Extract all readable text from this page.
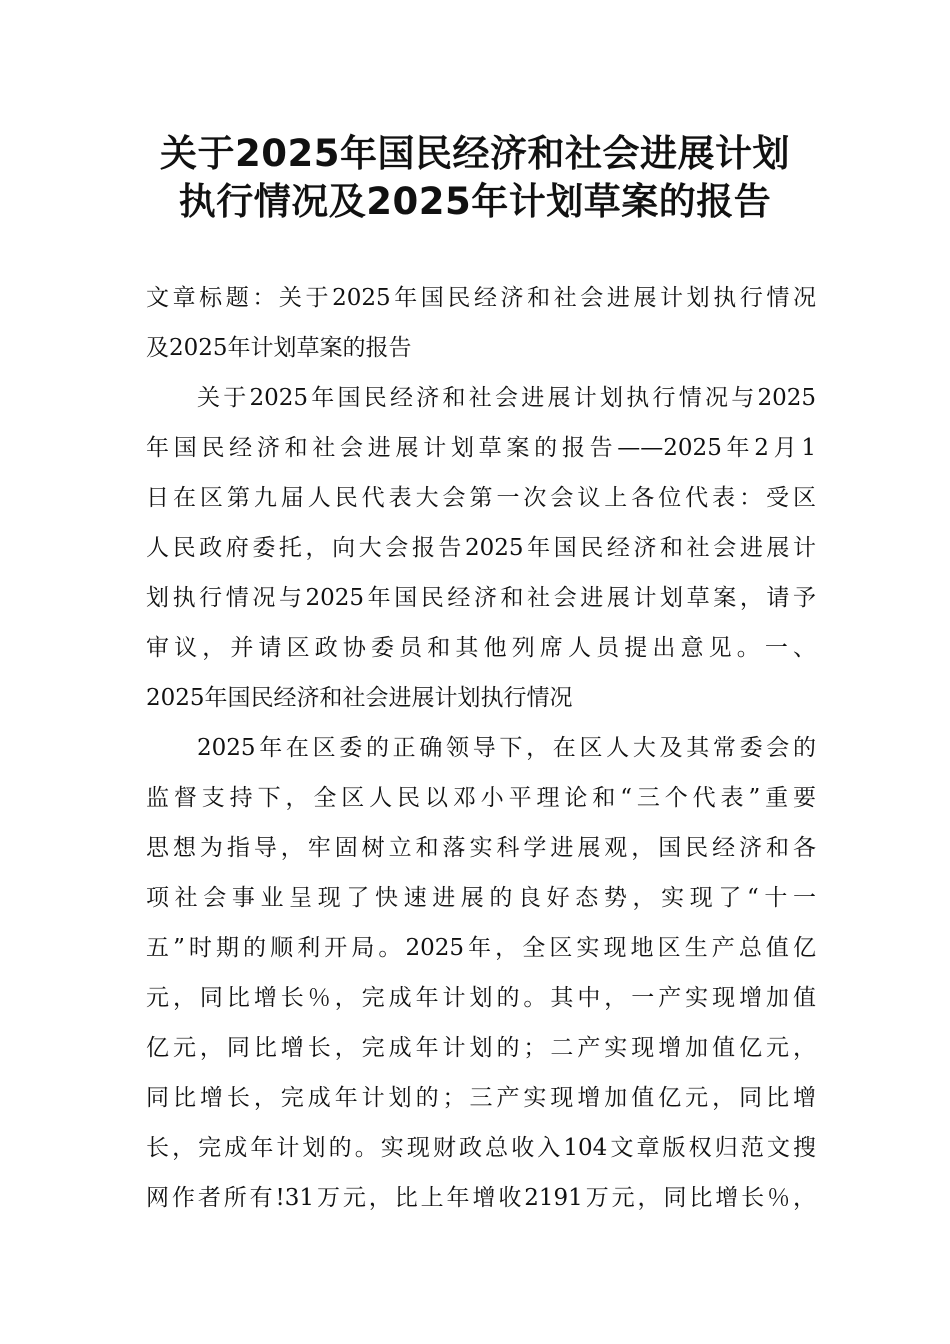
关于2025年国民经济和社会进展计划
执行情况及2025年计划草案的报告
文章标题：关于2025年国民经济和社会进展计划执行情况
及2025年计划草案的报告
关于2025年国民经济和社会进展计划执行情况与2025
年国民经济和社会进展计划草案的报告——2025年2月1
日在区第九届人民代表大会第一次会议上各位代表：受区
人民政府委托，向大会报告2025年国民经济和社会进展计
划执行情况与2025年国民经济和社会进展计划草案，请予
审议，并请区政协委员和其他列席人员提出意见。一、
2025年国民经济和社会进展计划执行情况
2025年在区委的正确领导下，在区人大及其常委会的
监督支持下，全区人民以邓小平理论和“三个代表”重要
思想为指导，牢固树立和落实科学进展观，国民经济和各
项社会事业呈现了快速进展的良好态势，实现了“十一
五”时期的顺利开局。2025年，全区实现地区生产总值亿
元，同比增长％，完成年计划的。其中，一产实现增加值
亿元，同比增长，完成年计划的；二产实现增加值亿元，
同比增长，完成年计划的；三产实现增加值亿元，同比增
长，完成年计划的。实现财政总收入104文章版权归范文搜
网作者所有!31万元，比上年增收2191万元，同比增长％，
